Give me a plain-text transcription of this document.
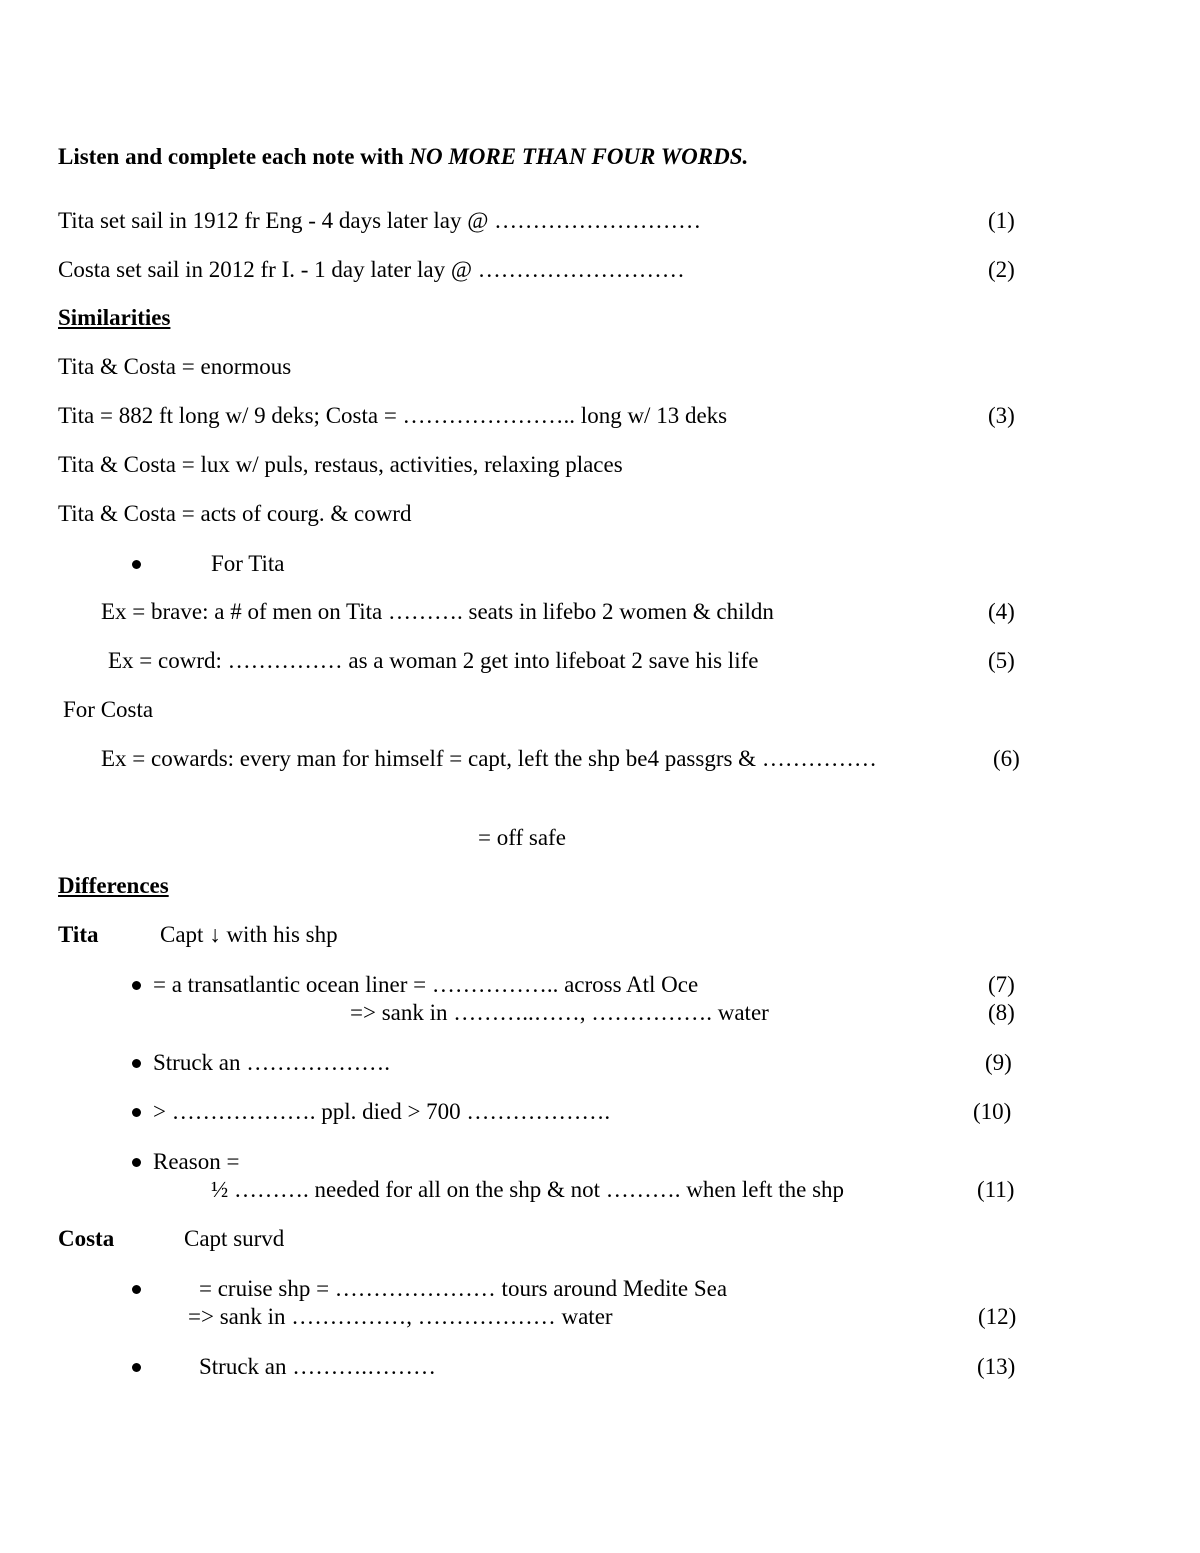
Listen and complete each note with NO MORE THAN FOUR WORDS.
Tita set sail in 1912 fr Eng - 4 days later lay @ ………………………	(1)
Costa set sail in 2012 fr I. - 1 day later lay @ ………………………	(2)
Similarities
Tita & Costa = enormous
Tita = 882 ft long w/ 9 deks; Costa = ………………….. long w/ 13 deks	(3)
Tita & Costa = lux w/ puls, restaus, activities, relaxing places
Tita & Costa = acts of courg. & cowrd
For Tita
Ex = brave: a # of men on Tita ………. seats in lifebo 2 women & childn	(4)
Ex = cowrd: …………… as a woman 2 get into lifeboat 2 save his life	(5)
For Costa
Ex = cowards: every man for himself = capt, left the shp be4 passgrs & ……………	(6)
= off safe
Differences
Tita	Capt ↓ with his shp
= a transatlantic ocean liner = …………….. across Atl Oce	(7)
=> sank in ………..……, ……………. water	(8)
Struck an ……………….	(9)
> ………………. ppl. died > 700 ……………….	(10)
Reason =
½ ………. needed for all on the shp & not ………. when left the shp	(11)
Costa	Capt survd
= cruise shp = ………………… tours around Medite Sea
=> sank in ……………, ……………… water	(12)
Struck an ……….………	(13)
